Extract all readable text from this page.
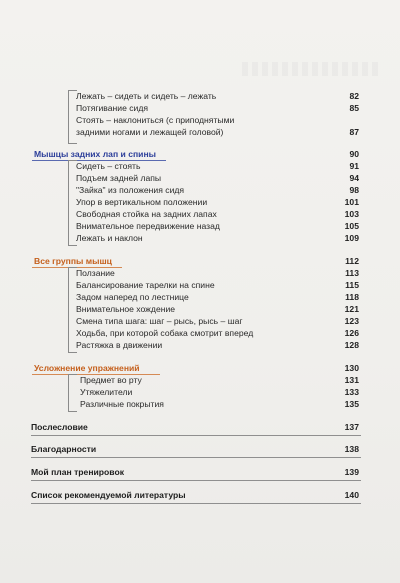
Лежать – сидеть и сидеть – лежать	82
Потягивание сидя	85
Стоять – наклониться (с приподнятыми
задними ногами и лежащей головой)	87
Мышцы задних лап и спины	90
Сидеть – стоять	91
Подъем задней лапы	94
"Зайка" из положения сидя	98
Упор в вертикальном положении	101
Свободная стойка на задних лапах	103
Внимательное передвижение назад	105
Лежать и наклон	109
Все группы мышц	112
Ползание	113
Балансирование тарелки на спине	115
Задом наперед по лестнице	118
Внимательное хождение	121
Смена типа шага: шаг – рысь, рысь – шаг	123
Ходьба, при которой собака смотрит вперед	126
Растяжка в движении	128
Усложнение упражнений	130
Предмет во рту	131
Утяжелители	133
Различные покрытия	135
Послесловие	137
Благодарности	138
Мой план тренировок	139
Список рекомендуемой литературы	140
